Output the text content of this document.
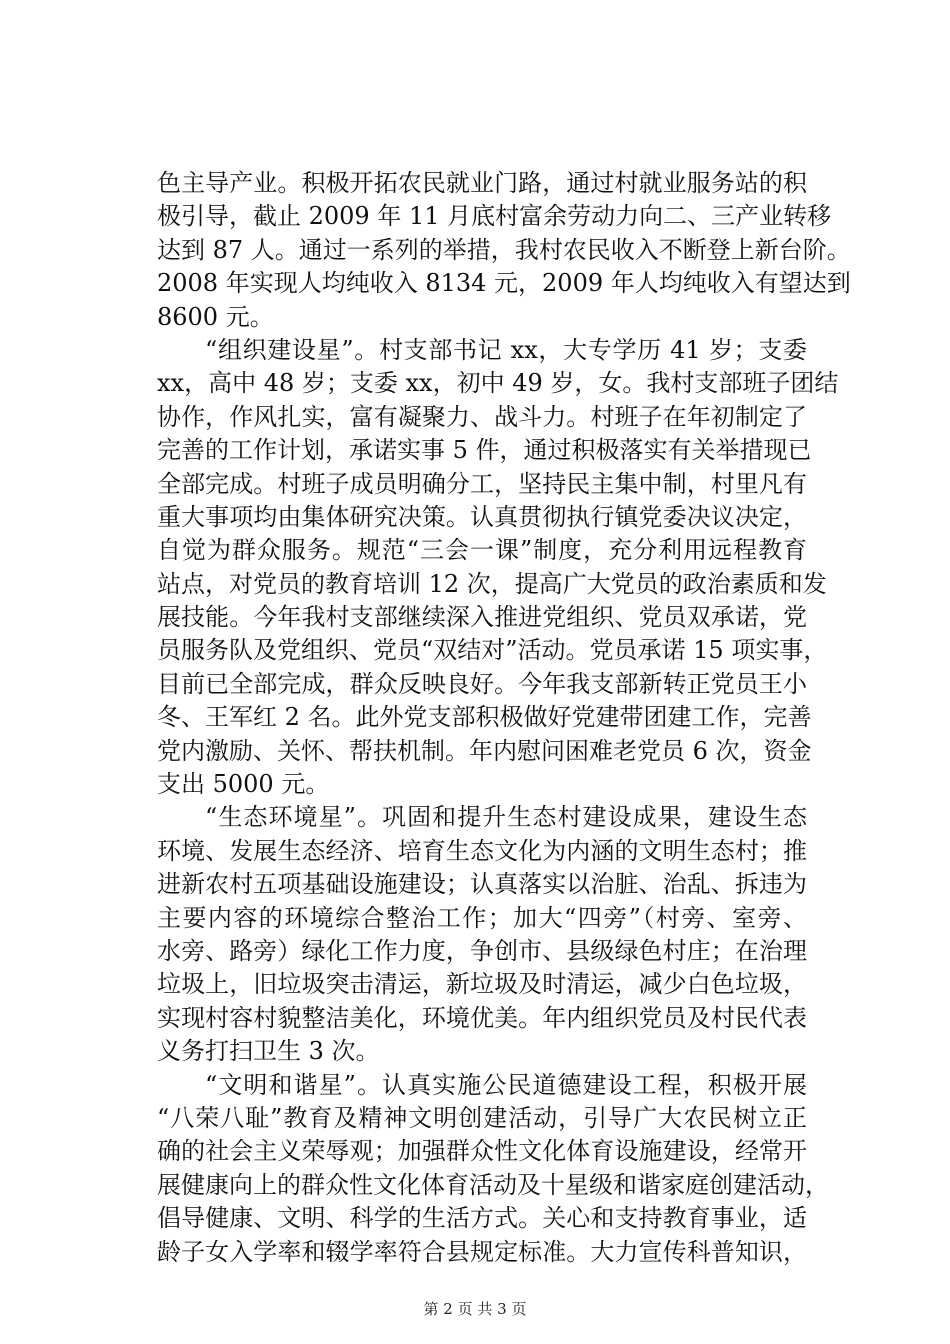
色主导产业。积极开拓农民就业门路，通过村就业服务站的积
极引导，截止 2009 年 11 月底村富余劳动力向二、三产业转移
达到 87 人。通过一系列的举措，我村农民收入不断登上新台阶。
2008 年实现人均纯收入 8134 元，2009 年人均纯收入有望达到
8600 元。
“组织建设星”。村支部书记 xx，大专学历 41 岁；支委
xx，高中 48 岁；支委 xx，初中 49 岁，女。我村支部班子团结
协作，作风扎实，富有凝聚力、战斗力。村班子在年初制定了
完善的工作计划，承诺实事 5 件，通过积极落实有关举措现已
全部完成。村班子成员明确分工，坚持民主集中制，村里凡有
重大事项均由集体研究决策。认真贯彻执行镇党委决议决定，
自觉为群众服务。规范“三会一课”制度，充分利用远程教育
站点，对党员的教育培训 12 次，提高广大党员的政治素质和发
展技能。今年我村支部继续深入推进党组织、党员双承诺，党
员服务队及党组织、党员“双结对”活动。党员承诺 15 项实事，
目前已全部完成，群众反映良好。今年我支部新转正党员王小
冬、王军红 2 名。此外党支部积极做好党建带团建工作，完善
党内激励、关怀、帮扶机制。年内慰问困难老党员 6 次，资金
支出 5000 元。
“生态环境星”。巩固和提升生态村建设成果，建设生态
环境、发展生态经济、培育生态文化为内涵的文明生态村；推
进新农村五项基础设施建设；认真落实以治脏、治乱、拆违为
主要内容的环境综合整治工作；加大“四旁”（村旁、室旁、
水旁、路旁）绿化工作力度，争创市、县级绿色村庄；在治理
垃圾上，旧垃圾突击清运，新垃圾及时清运，减少白色垃圾，
实现村容村貌整洁美化，环境优美。年内组织党员及村民代表
义务打扫卫生 3 次。
“文明和谐星”。认真实施公民道德建设工程，积极开展
“八荣八耻”教育及精神文明创建活动，引导广大农民树立正
确的社会主义荣辱观；加强群众性文化体育设施建设，经常开
展健康向上的群众性文化体育活动及十星级和谐家庭创建活动，
倡导健康、文明、科学的生活方式。关心和支持教育事业，适
龄子女入学率和辍学率符合县规定标准。大力宣传科普知识，
第 2 页 共 3 页
